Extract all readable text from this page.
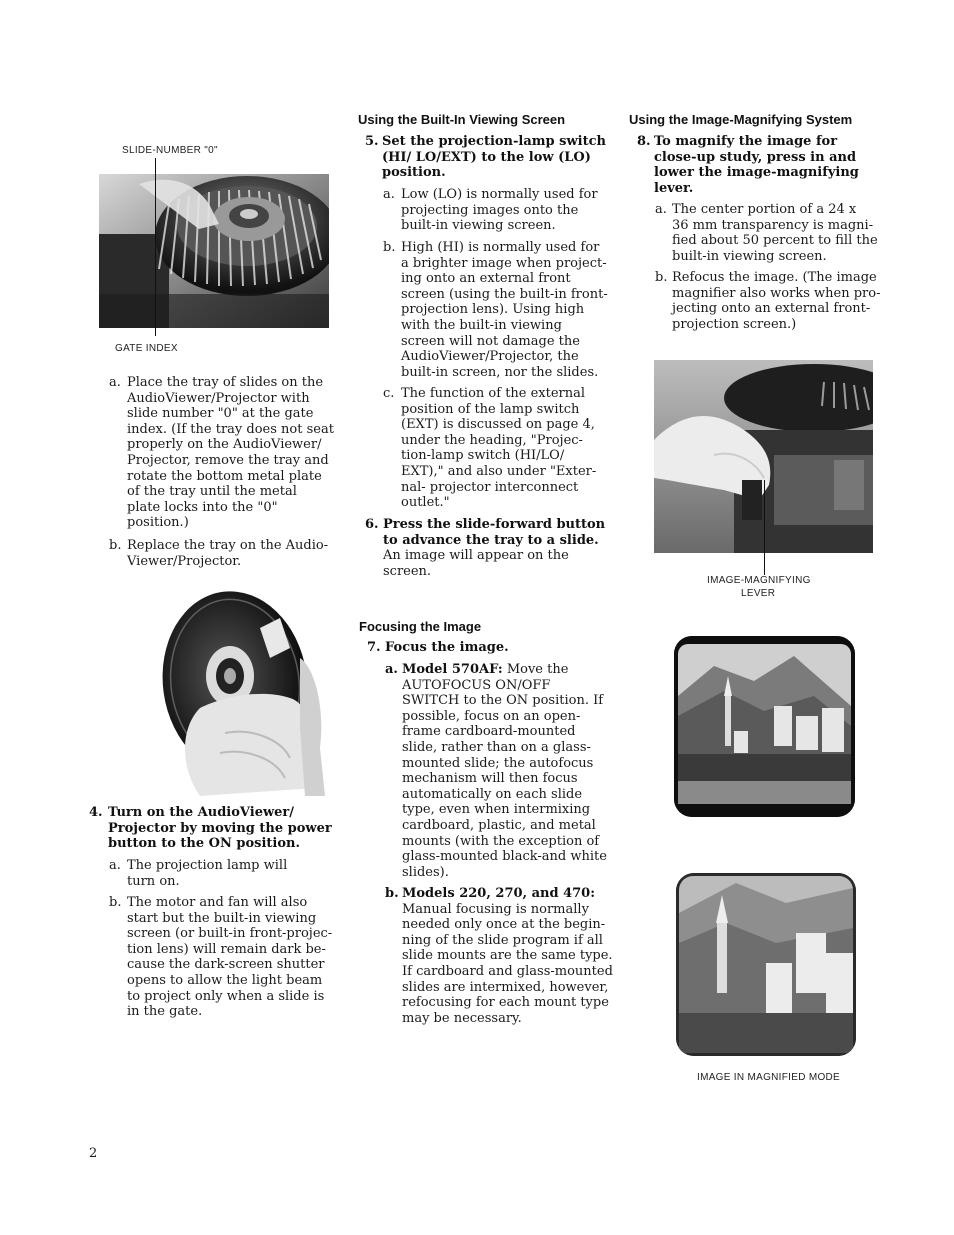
SLIDE-NUMBER "0"
GATE INDEX
a. Place the tray of slides on the
AudioViewer/Projector with
slide number "0" at the gate
index. (If the tray does not seat
properly on the AudioViewer/
Projector, remove the tray and
rotate the bottom metal plate
of the tray until the metal
plate locks into the "0"
position.)
b. Replace the tray on the Audio-
Viewer/Projector.
4. Turn on the AudioViewer/
Projector by moving the power
button to the ON position.
a. The projection lamp will
turn on.
b. The motor and fan will also
start but the built-in viewing
screen (or built-in front-projec-
tion lens) will remain dark be-
cause the dark-screen shutter
opens to allow the light beam
to project only when a slide is
in the gate.
Using the Built-In Viewing Screen
5. Set the projection-lamp switch
(HI/ LO/EXT) to the low (LO)
position.
a. Low (LO) is normally used for
projecting images onto the
built-in viewing screen.
b. High (HI) is normally used for
a brighter image when project-
ing onto an external front
screen (using the built-in front-
projection lens). Using high
with the built-in viewing
screen will not damage the
AudioViewer/Projector, the
built-in screen, nor the slides.
c. The function of the external
position of the lamp switch
(EXT) is discussed on page 4,
under the heading, "Projec-
tion-lamp switch (HI/LO/
EXT)," and also under "Exter-
nal- projector interconnect
outlet."
6. Press the slide-forward button
to advance the tray to a slide.
An image will appear on the
screen.
Focusing the Image
7. Focus the image.
a. Model 570AF: Move the
AUTOFOCUS ON/OFF
SWITCH to the ON position. If
possible, focus on an open-
frame cardboard-mounted
slide, rather than on a glass-
mounted slide; the autofocus
mechanism will then focus
automatically on each slide
type, even when intermixing
cardboard, plastic, and metal
mounts (with the exception of
glass-mounted black-and white
slides).
b. Models 220, 270, and 470:
Manual focusing is normally
needed only once at the begin-
ning of the slide program if all
slide mounts are the same type.
If cardboard and glass-mounted
slides are intermixed, however,
refocusing for each mount type
may be necessary.
Using the Image-Magnifying System
8. To magnify the image for
close-up study, press in and
lower the image-magnifying
lever.
a. The center portion of a 24 x
36 mm transparency is magni-
fied about 50 percent to fill the
built-in viewing screen.
b. Refocus the image. (The image
magnifier also works when pro-
jecting onto an external front-
projection screen.)
IMAGE-MAGNIFYING
LEVER
IMAGE IN MAGNIFIED MODE
2
